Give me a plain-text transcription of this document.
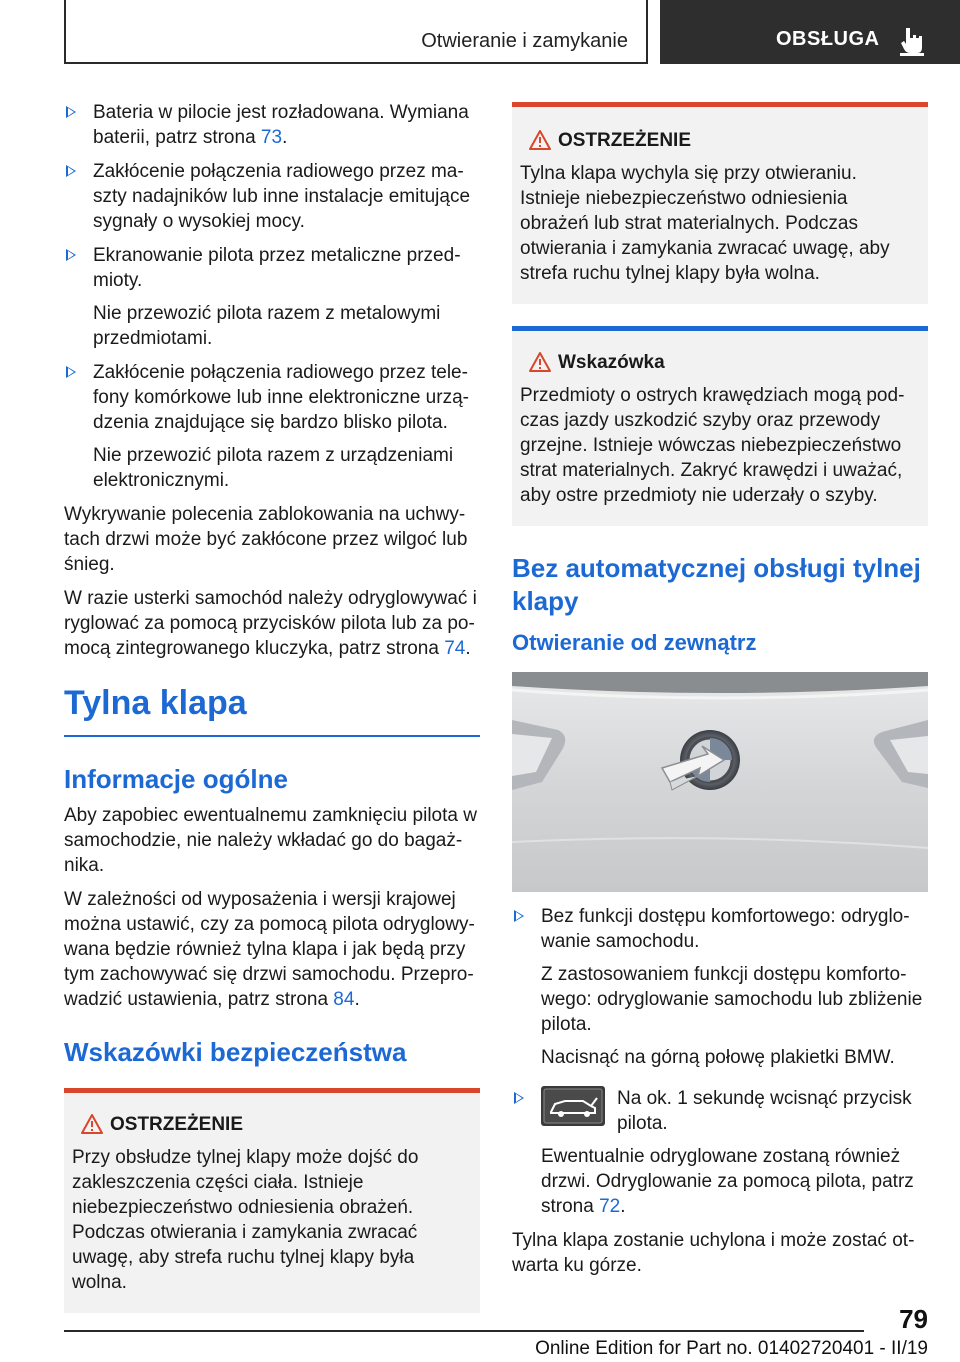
Otwieranie i zamykanie	OBSŁUGA

Bateria w pilocie jest rozładowana. Wymiana baterii, patrz strona 73.

Zakłócenie połączenia radiowego przez maszty nadajników lub inne instalacje emitujące sygnały o wysokiej mocy.

Ekranowanie pilota przez metaliczne przedmioty.

Nie przewozić pilota razem z metalowymi przedmiotami.

Zakłócenie połączenia radiowego przez telefony komórkowe lub inne elektroniczne urządzenia znajdujące się bardzo blisko pilota.

Nie przewozić pilota razem z urządzeniami elektronicznymi.

Wykrywanie polecenia zablokowania na uchwytach drzwi może być zakłócone przez wilgoć lub śnieg.

W razie usterki samochód należy odryglowywać i ryglować za pomocą przycisków pilota lub za pomocą zintegrowanego kluczyka, patrz strona 74.

Tylna klapa
Informacje ogólne

Aby zapobiec ewentualnemu zamknięciu pilota w samochodzie, nie należy wkładać go do bagażnika.

W zależności od wyposażenia i wersji krajowej można ustawić, czy za pomocą pilota odryglowywana będzie również tylna klapa i jak będą przy tym zachowywać się drzwi samochodu. Przeprowadzić ustawienia, patrz strona 84.

Wskazówki bezpieczeństwa

OSTRZEŻENIE

Przy obsłudze tylnej klapy może dojść do zakleszczenia części ciała. Istnieje niebezpieczeństwo odniesienia obrażeń. Podczas otwierania i zamykania zwracać uwagę, aby strefa ruchu tylnej klapy była wolna.

OSTRZEŻENIE

Tylna klapa wychyla się przy otwieraniu. Istnieje niebezpieczeństwo odniesienia obrażeń lub strat materialnych. Podczas otwierania i zamykania zwracać uwagę, aby strefa ruchu tylnej klapy była wolna.

Wskazówka

Przedmioty o ostrych krawędziach mogą podczas jazdy uszkodzić szyby oraz przewody grzejne. Istnieje wówczas niebezpieczeństwo strat materialnych. Zakryć krawędzi i uważać, aby ostre przedmioty nie uderzały o szyby.

Bez automatycznej obsługi tylnej klapy
Otwieranie od zewnątrz

Bez funkcji dostępu komfortowego: odryglowanie samochodu.

Z zastosowaniem funkcji dostępu komfortowego: odryglowanie samochodu lub zbliżenie pilota.

Nacisnąć na górną połowę plakietki BMW.

Na ok. 1 sekundę wcisnąć przycisk pilota.

Ewentualnie odryglowane zostaną również drzwi. Odryglowanie za pomocą pilota, patrz strona 72.

Tylna klapa zostanie uchylona i może zostać otwarta ku górze.

79
Online Edition for Part no. 01402720401 - II/19
